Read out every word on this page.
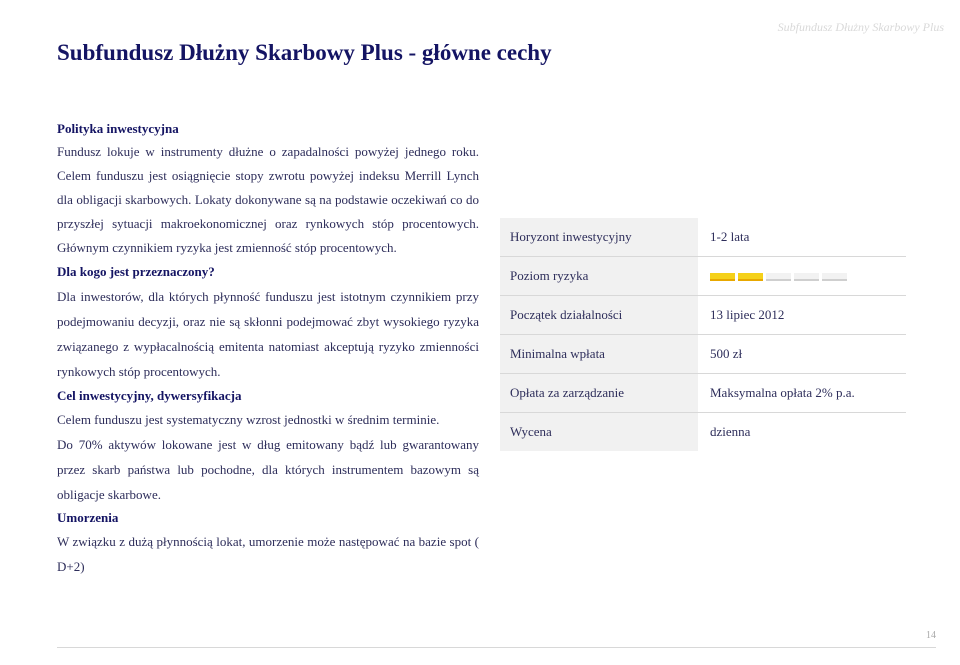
Subfundusz Dłużny Skarbowy Plus
Subfundusz Dłużny Skarbowy Plus - główne cechy
Polityka inwestycyjna
Fundusz lokuje w instrumenty dłużne o zapadalności powyżej jednego roku. Celem funduszu jest osiągnięcie stopy zwrotu powyżej indeksu Merrill Lynch dla obligacji skarbowych. Lokaty dokonywane są na podstawie oczekiwań co do przyszłej sytuacji makroekonomicznej oraz rynkowych stóp procentowych. Głównym czynnikiem ryzyka jest zmienność stóp procentowych.
Dla kogo jest przeznaczony?
Dla inwestorów, dla których płynność funduszu jest istotnym czynnikiem przy podejmowaniu decyzji, oraz nie są skłonni podejmować zbyt wysokiego ryzyka związanego z wypłacalnością emitenta natomiast akceptują ryzyko zmienności rynkowych stóp procentowych.
Cel inwestycyjny, dywersyfikacja
Celem funduszu jest systematyczny wzrost jednostki w średnim terminie.
Do 70% aktywów lokowane jest w dług emitowany bądź lub gwarantowany przez skarb państwa lub pochodne, dla których instrumentem bazowym są obligacje skarbowe.
Umorzenia
W związku z dużą płynnością lokat, umorzenie może następować na bazie spot ( D+2)
Horyzont inwestycyjny	1-2 lata
Poziom ryzyka	

Początek działalności	13 lipiec 2012
Minimalna wpłata	500 zł
Opłata za zarządzanie	Maksymalna opłata 2% p.a.
Wycena	dzienna
14
